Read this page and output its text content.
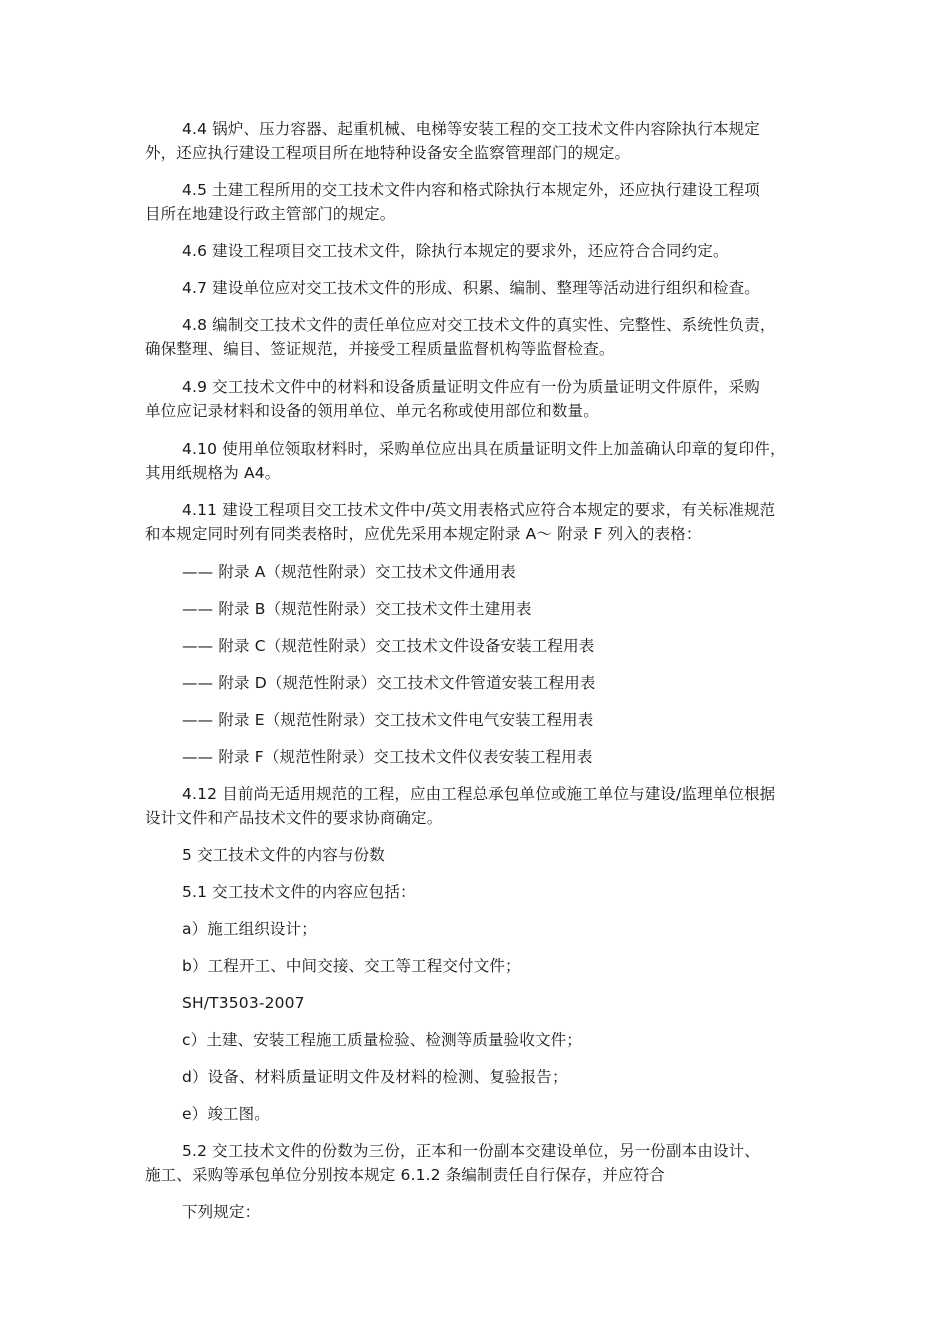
4.4 锅炉、压力容器、起重机械、电梯等安装工程的交工技术文件内容除执行本规定
外，还应执行建设工程项目所在地特种设备安全监察管理部门的规定。
4.5 土建工程所用的交工技术文件内容和格式除执行本规定外，还应执行建设工程项
目所在地建设行政主管部门的规定。
4.6 建设工程项目交工技术文件，除执行本规定的要求外，还应符合合同约定。
4.7 建设单位应对交工技术文件的形成、积累、编制、整理等活动进行组织和检查。
4.8 编制交工技术文件的责任单位应对交工技术文件的真实性、完整性、系统性负责，
确保整理、编目、签证规范，并接受工程质量监督机构等监督检查。
4.9 交工技术文件中的材料和设备质量证明文件应有一份为质量证明文件原件，采购
单位应记录材料和设备的领用单位、单元名称或使用部位和数量。
4.10 使用单位领取材料时，采购单位应出具在质量证明文件上加盖确认印章的复印件，
其用纸规格为 A4。
4.11 建设工程项目交工技术文件中/英文用表格式应符合本规定的要求，有关标准规范
和本规定同时列有同类表格时，应优先采用本规定附录 A～ 附录 F 列入的表格：
—— 附录 A（规范性附录）交工技术文件通用表
—— 附录 B（规范性附录）交工技术文件土建用表
—— 附录 C（规范性附录）交工技术文件设备安装工程用表
—— 附录 D（规范性附录）交工技术文件管道安装工程用表
—— 附录 E（规范性附录）交工技术文件电气安装工程用表
—— 附录 F（规范性附录）交工技术文件仪表安装工程用表
4.12 目前尚无适用规范的工程，应由工程总承包单位或施工单位与建设/监理单位根据
设计文件和产品技术文件的要求协商确定。
5 交工技术文件的内容与份数
5.1 交工技术文件的内容应包括：
a）施工组织设计；
b）工程开工、中间交接、交工等工程交付文件；
SH/T3503-2007
c）土建、安装工程施工质量检验、检测等质量验收文件；
d）设备、材料质量证明文件及材料的检测、复验报告；
e）竣工图。
5.2 交工技术文件的份数为三份，正本和一份副本交建设单位，另一份副本由设计、
施工、采购等承包单位分别按本规定 6.1.2 条编制责任自行保存，并应符合
下列规定：
